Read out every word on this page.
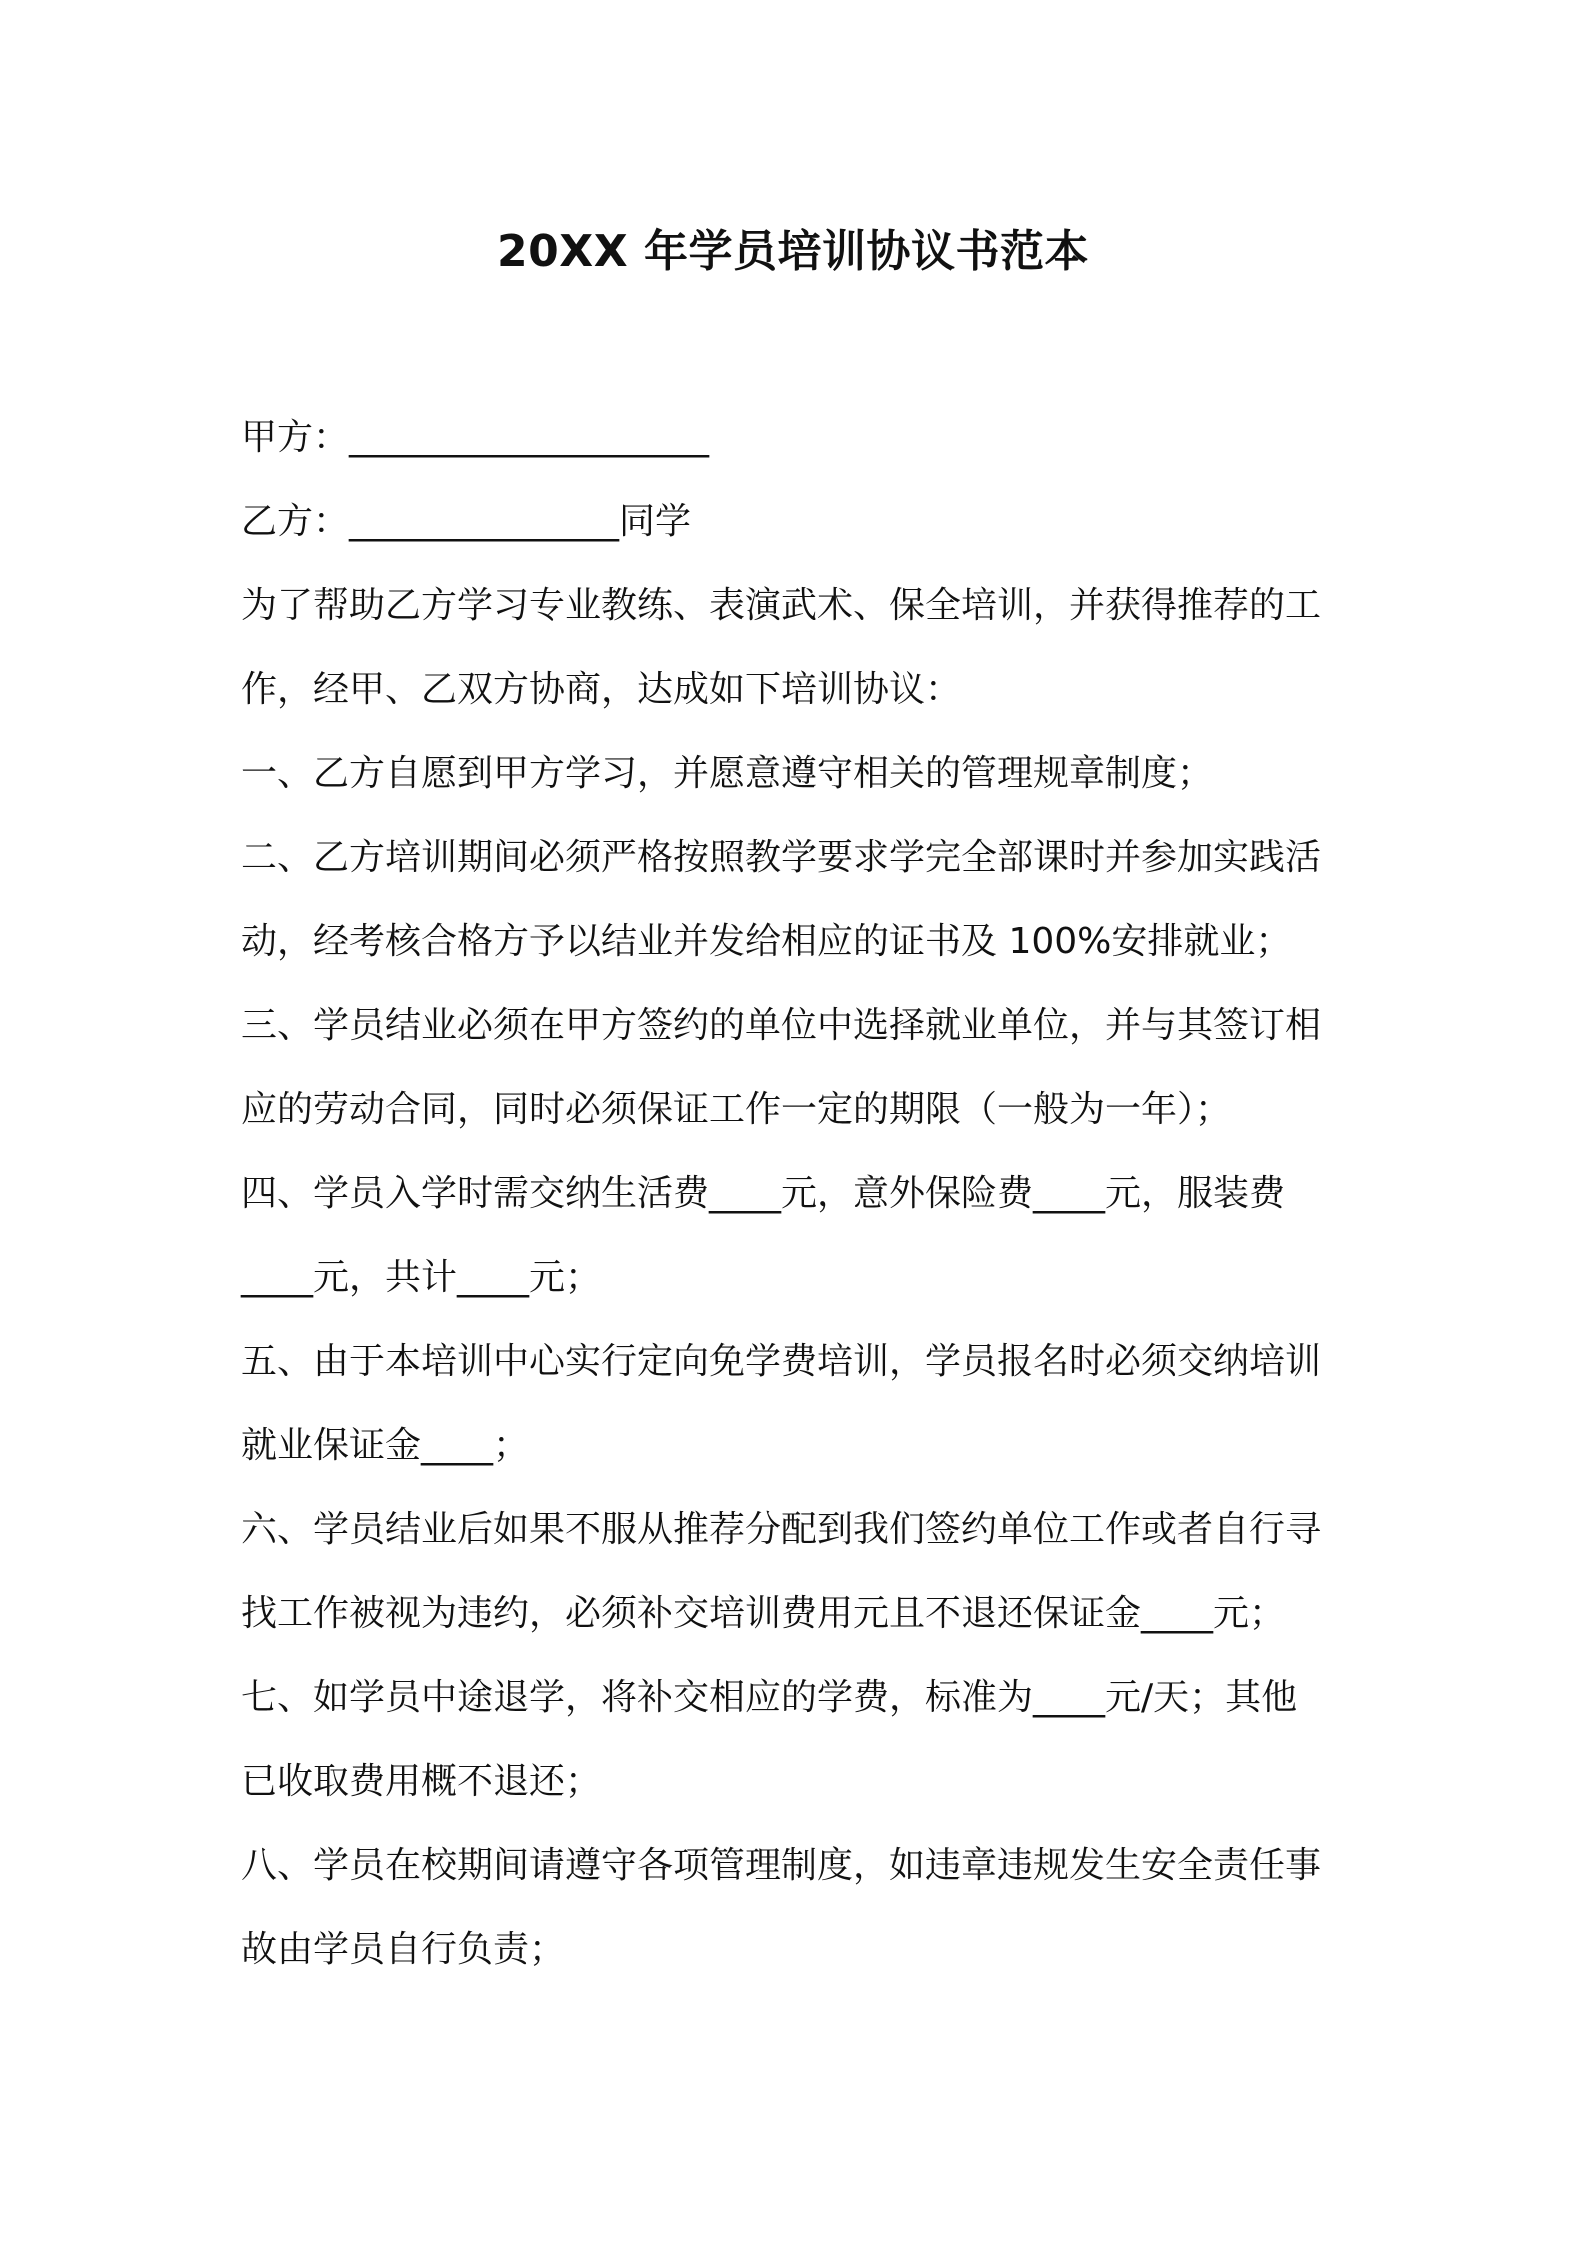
20XX 年学员培训协议书范本
甲方：____________________
乙方：_______________同学
为了帮助乙方学习专业教练、表演武术、保全培训，并获得推荐的工
作，经甲、乙双方协商，达成如下培训协议：
一、乙方自愿到甲方学习，并愿意遵守相关的管理规章制度；
二、乙方培训期间必须严格按照教学要求学完全部课时并参加实践活
动，经考核合格方予以结业并发给相应的证书及 100%安排就业；
三、学员结业必须在甲方签约的单位中选择就业单位，并与其签订相
应的劳动合同，同时必须保证工作一定的期限（一般为一年）；
四、学员入学时需交纳生活费____元，意外保险费____元，服装费
____元，共计____元；
五、由于本培训中心实行定向免学费培训，学员报名时必须交纳培训
就业保证金____；
六、学员结业后如果不服从推荐分配到我们签约单位工作或者自行寻
找工作被视为违约，必须补交培训费用元且不退还保证金____元；
七、如学员中途退学，将补交相应的学费，标准为____元/天；其他
已收取费用概不退还；
八、学员在校期间请遵守各项管理制度，如违章违规发生安全责任事
故由学员自行负责；
